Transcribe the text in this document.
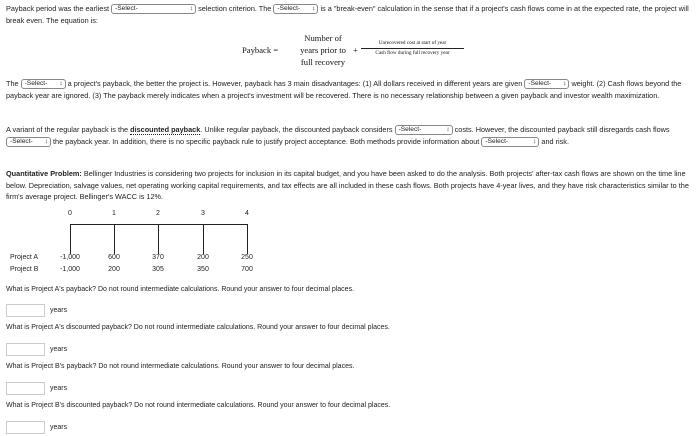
Payback period was the earliest -Select- ↕	selection criterion. The -Select- ↕	is a "break-even" calculation in the sense that if a project's cash flows come in at the expected rate, the project will break even. The equation is:
Payback =
Number of
years prior to
full recovery
+
Unrecovered cost at start of year
Cash flow during full recovery year
The -Select- ↕	a project's payback, the better the project is. However, payback has 3 main disadvantages: (1) All dollars received in different years are given -Select- ↕	weight. (2) Cash flows beyond the payback year are ignored. (3) The payback merely indicates when a project's investment will be recovered. There is no necessary relationship between a given payback and investor wealth maximization.
A variant of the regular payback is the discounted payback. Unlike regular payback, the discounted payback considers -Select- ↕	costs. However, the discounted payback still disregards cash flows -Select- ↕	the payback year. In addition, there is no specific payback rule to justify project acceptance. Both methods provide information about -Select- ↕	and risk.
Quantitative Problem: Bellinger Industries is considering two projects for inclusion in its capital budget, and you have been asked to do the analysis. Both projects' after-tax cash flows are shown on the time line below. Depreciation, salvage values, net operating working capital requirements, and tax effects are all included in these cash flows. Both projects have 4-year lives, and they have risk characteristics similar to the firm's average project. Bellinger's WACC is 12%.
0	1	2	3	4
Project A	-1,000	600	370	200	250
Project B	-1,000	200	305	350	700
What is Project A's payback? Do not round intermediate calculations. Round your answer to four decimal places.
years
What is Project A's discounted payback? Do not round intermediate calculations. Round your answer to four decimal places.
years
What is Project B's payback? Do not round intermediate calculations. Round your answer to four decimal places.
years
What is Project B's discounted payback? Do not round intermediate calculations. Round your answer to four decimal places.
years
